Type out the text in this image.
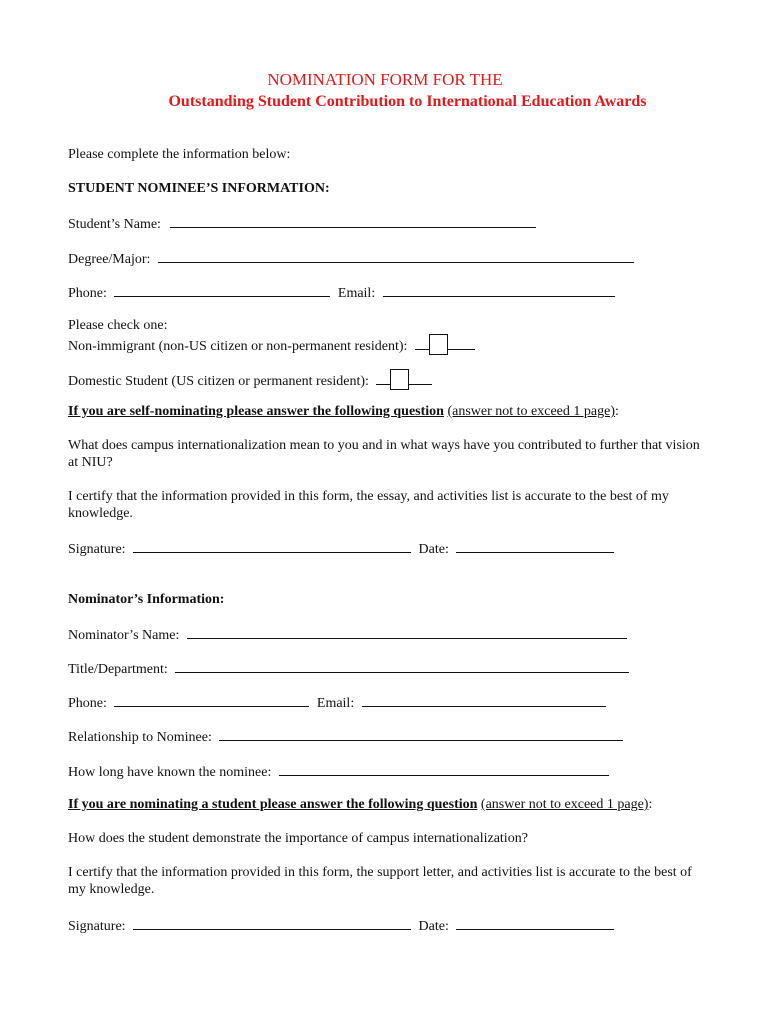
NOMINATION FORM FOR THE
Outstanding Student Contribution to International Education Awards
Please complete the information below:
STUDENT NOMINEE’S INFORMATION:
Student’s Name:
Degree/Major:
Phone:	Email:
Please check one:
Non-immigrant (non-US citizen or non-permanent resident):
Domestic Student (US citizen or permanent resident):
If you are self-nominating please answer the following question (answer not to exceed 1 page):
What does campus internationalization mean to you and in what ways have you contributed to further that vision at NIU?
I certify that the information provided in this form, the essay, and activities list is accurate to the best of my knowledge.
Signature:	Date:
Nominator’s Information:
Nominator’s Name:
Title/Department:
Phone:	Email:
Relationship to Nominee:
How long have known the nominee:
If you are nominating a student please answer the following question (answer not to exceed 1 page):
How does the student demonstrate the importance of campus internationalization?
I certify that the information provided in this form, the support letter, and activities list is accurate to the best of my knowledge.
Signature:	Date:
